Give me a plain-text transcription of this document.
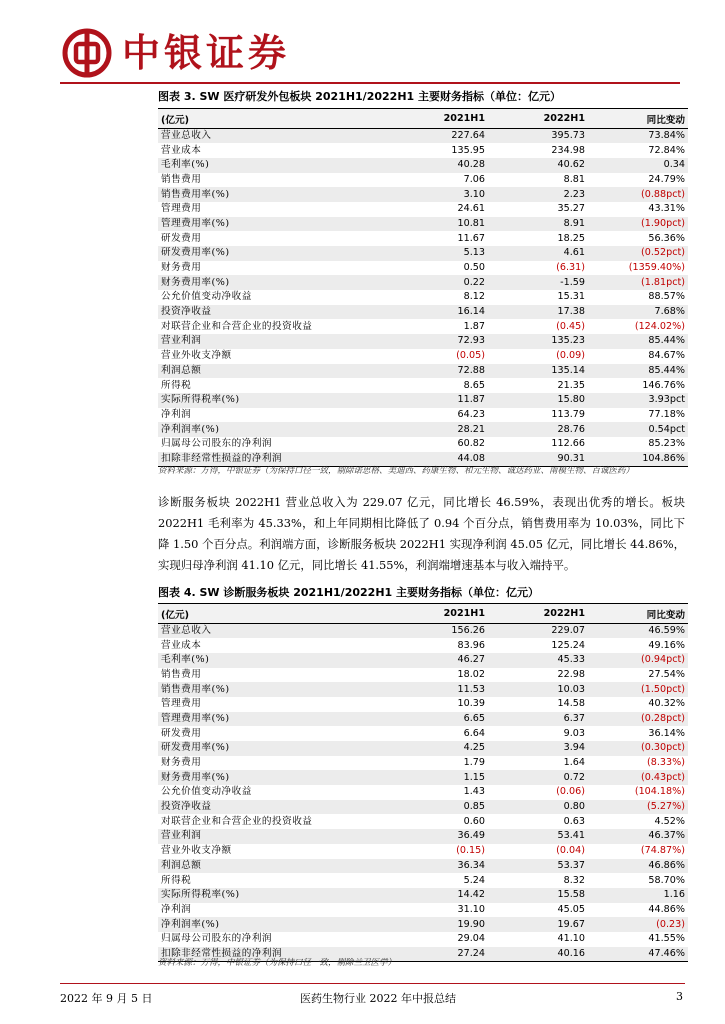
中银证券
图表 3. SW 医疗研发外包板块 2021H1/2022H1 主要财务指标（单位：亿元）
(亿元)	2021H1	2022H1	同比变动
营业总收入	227.64	395.73	73.84%
营业成本	135.95	234.98	72.84%
毛利率(%)	40.28	40.62	0.34
销售费用	7.06	8.81	24.79%
销售费用率(%)	3.10	2.23	(0.88pct)
管理费用	24.61	35.27	43.31%
管理费用率(%)	10.81	8.91	(1.90pct)
研发费用	11.67	18.25	56.36%
研发费用率(%)	5.13	4.61	(0.52pct)
财务费用	0.50	(6.31)	(1359.40%)
财务费用率(%)	0.22	-1.59	(1.81pct)
公允价值变动净收益	8.12	15.31	88.57%
投资净收益	16.14	17.38	7.68%
对联营企业和合营企业的投资收益	1.87	(0.45)	(124.02%)
营业利润	72.93	135.23	85.44%
营业外收支净额	(0.05)	(0.09)	84.67%
利润总额	72.88	135.14	85.44%
所得税	8.65	21.35	146.76%
实际所得税率(%)	11.87	15.80	3.93pct
净利润	64.23	113.79	77.18%
净利润率(%)	28.21	28.76	0.54pct
归属母公司股东的净利润	60.82	112.66	85.23%
扣除非经常性损益的净利润	44.08	90.31	104.86%
资料来源：万得，中银证券（为保持口径一致，剔除诺思格、美迪西、药康生物、和元生物、诚达药业、南模生物、百诚医药）
诊断服务板块 2022H1 营业总收入为 229.07 亿元，同比增长 46.59%，表现出优秀的增长。板块 2022H1 毛利率为 45.33%，和上年同期相比降低了 0.94 个百分点，销售费用率为 10.03%，同比下降 1.50 个百分点。利润端方面，诊断服务板块 2022H1 实现净利润 45.05 亿元，同比增长 44.86%，实现归母净利润 41.10 亿元，同比增长 41.55%，利润端增速基本与收入端持平。
图表 4. SW 诊断服务板块 2021H1/2022H1 主要财务指标（单位：亿元）
(亿元)	2021H1	2022H1	同比变动
营业总收入	156.26	229.07	46.59%
营业成本	83.96	125.24	49.16%
毛利率(%)	46.27	45.33	(0.94pct)
销售费用	18.02	22.98	27.54%
销售费用率(%)	11.53	10.03	(1.50pct)
管理费用	10.39	14.58	40.32%
管理费用率(%)	6.65	6.37	(0.28pct)
研发费用	6.64	9.03	36.14%
研发费用率(%)	4.25	3.94	(0.30pct)
财务费用	1.79	1.64	(8.33%)
财务费用率(%)	1.15	0.72	(0.43pct)
公允价值变动净收益	1.43	(0.06)	(104.18%)
投资净收益	0.85	0.80	(5.27%)
对联营企业和合营企业的投资收益	0.60	0.63	4.52%
营业利润	36.49	53.41	46.37%
营业外收支净额	(0.15)	(0.04)	(74.87%)
利润总额	36.34	53.37	46.86%
所得税	5.24	8.32	58.70%
实际所得税率(%)	14.42	15.58	1.16
净利润	31.10	45.05	44.86%
净利润率(%)	19.90	19.67	(0.23)
归属母公司股东的净利润	29.04	41.10	41.55%
扣除非经常性损益的净利润	27.24	40.16	47.46%
资料来源：万得，中银证券（为保持口径一致，剔除兰卫医学）
2022 年 9 月 5 日	医药生物行业 2022 年中报总结	3
